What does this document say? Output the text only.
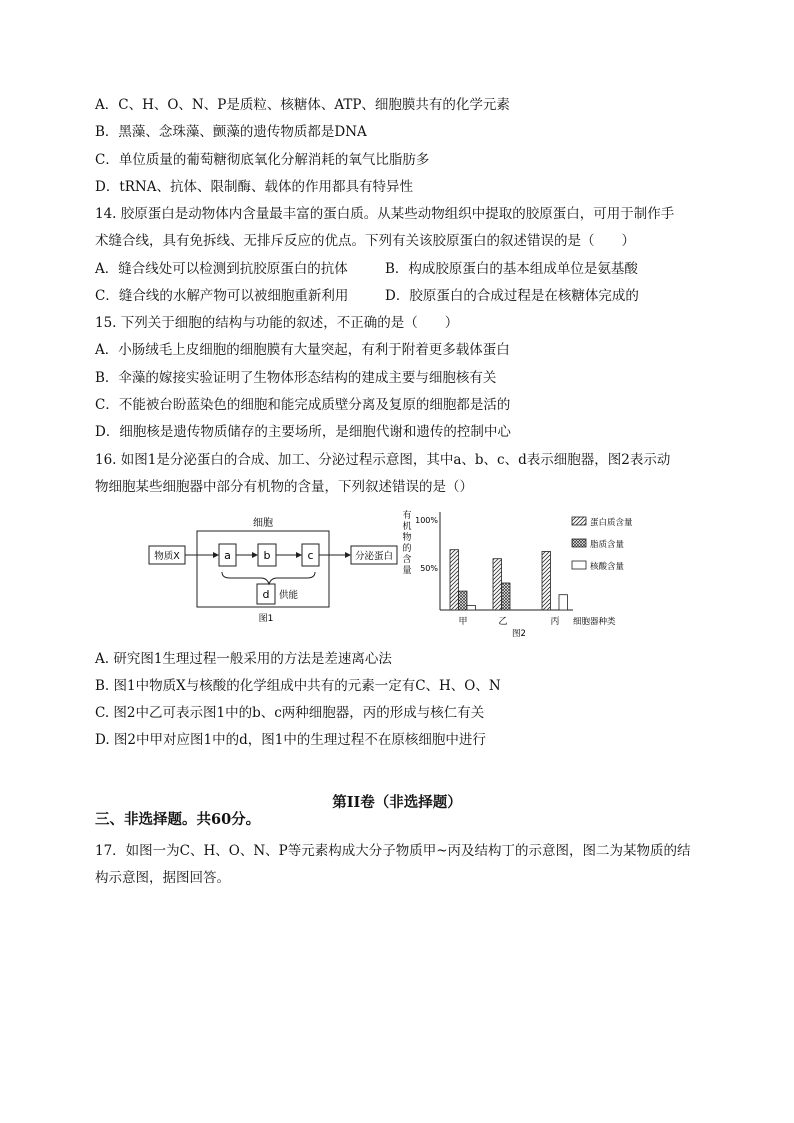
A．C、H、O、N、P是质粒、核糖体、ATP、细胞膜共有的化学元素
B．黑藻、念珠藻、颤藻的遗传物质都是DNA
C．单位质量的葡萄糖彻底氧化分解消耗的氧气比脂肪多
D．tRNA、抗体、限制酶、载体的作用都具有特异性
14. 胶原蛋白是动物体内含量最丰富的蛋白质。从某些动物组织中提取的胶原蛋白，可用于制作手
术缝合线，具有免拆线、无排斥反应的优点。下列有关该胶原蛋白的叙述错误的是（　　）
A．缝合线处可以检测到抗胶原蛋白的抗体	B．构成胶原蛋白的基本组成单位是氨基酸
C．缝合线的水解产物可以被细胞重新利用	D．胶原蛋白的合成过程是在核糖体完成的
15. 下列关于细胞的结构与功能的叙述，不正确的是（　　）
A．小肠绒毛上皮细胞的细胞膜有大量突起，有利于附着更多载体蛋白
B．伞藻的嫁接实验证明了生物体形态结构的建成主要与细胞核有关
C．不能被台盼蓝染色的细胞和能完成质壁分离及复原的细胞都是活的
D．细胞核是遗传物质储存的主要场所，是细胞代谢和遗传的控制中心
16. 如图1是分泌蛋白的合成、加工、分泌过程示意图，其中a、b、c、d表示细胞器，图2表示动
物细胞某些细胞器中部分有机物的含量，下列叙述错误的是（）
细胞
物质X	a	b	c	分泌蛋白
d 供能
图1
有
机
物
的
含
量
100%
50%
甲	乙	丙 细胞器种类
图2
蛋白质含量
脂质含量
核酸含量
A. 研究图1生理过程一般采用的方法是差速离心法
B. 图1中物质X与核酸的化学组成中共有的元素一定有C、H、O、N
C. 图2中乙可表示图1中的b、c两种细胞器，丙的形成与核仁有关
D. 图2中甲对应图1中的d，图1中的生理过程不在原核细胞中进行
第II卷（非选择题）
三、非选择题。共60分。
17．如图一为C、H、O、N、P等元素构成大分子物质甲~丙及结构丁的示意图，图二为某物质的结
构示意图，据图回答。
